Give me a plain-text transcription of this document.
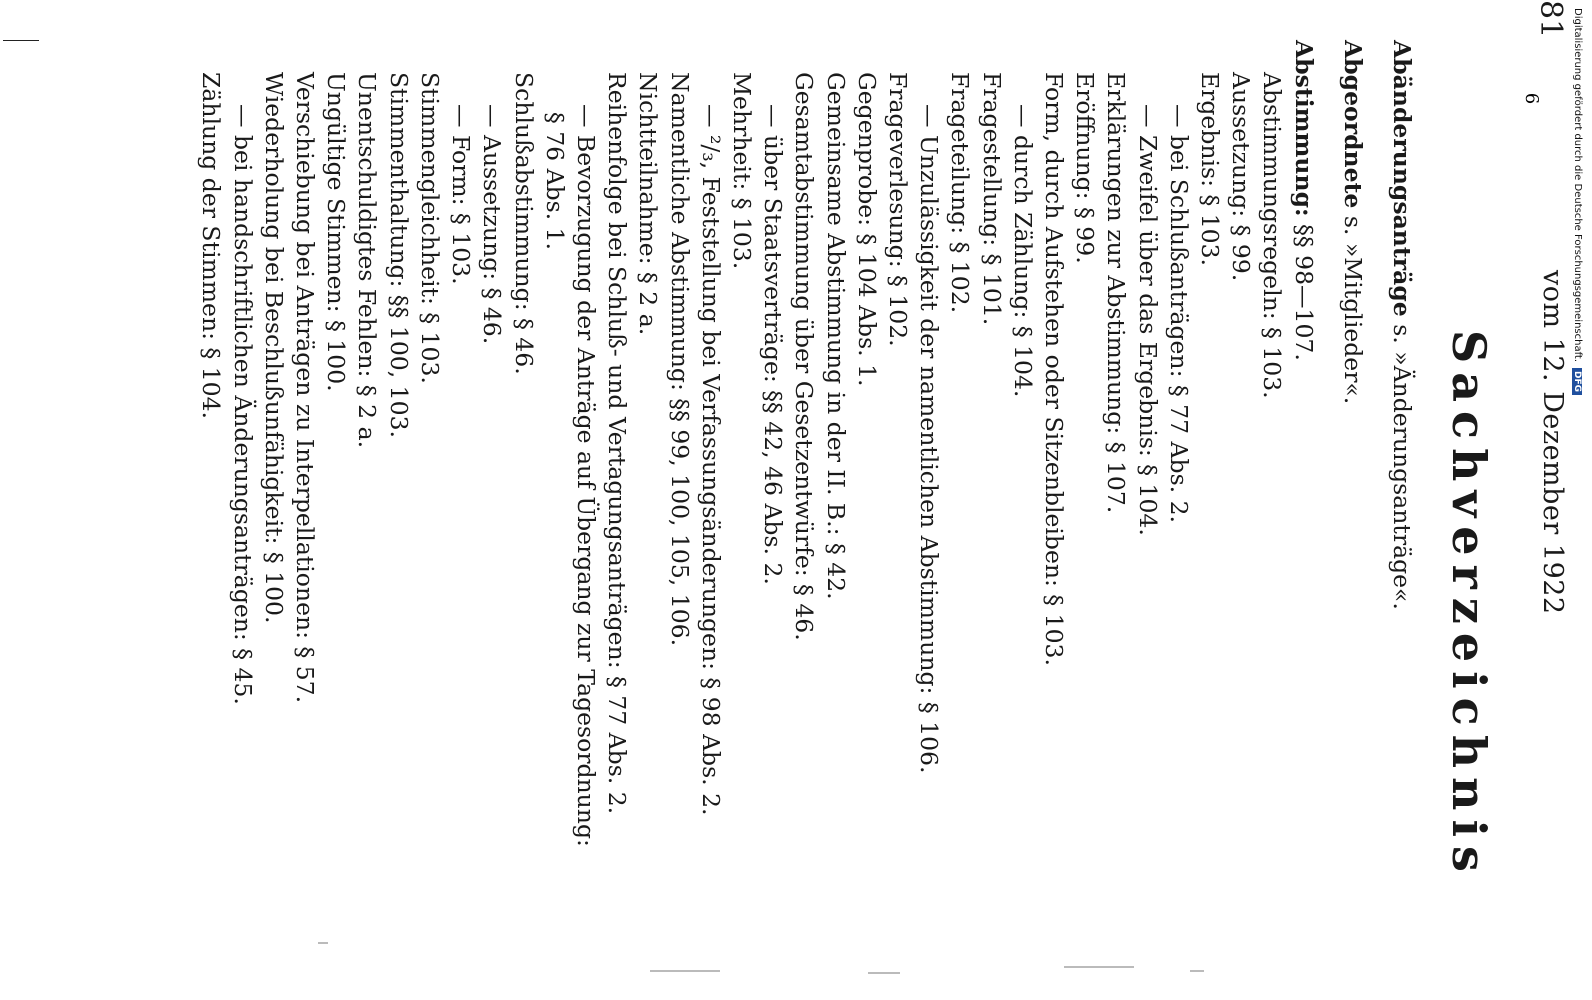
vom 12. Dezember 1922
81
Sachverzeichnis
Abänderungsanträge s. »Änderungsanträge«.
Abgeordnete s. »Mitglieder«.
Abstimmung: §§ 98—107.
Abstimmungsregeln: § 103.
Aussetzung: § 99.
Ergebnis: § 103.
— bei Schlußanträgen: § 77 Abs. 2.
— Zweifel über das Ergebnis: § 104.
Erklärungen zur Abstimmung: § 107.
Eröffnung: § 99.
Form, durch Aufstehen oder Sitzenbleiben: § 103.
— durch Zählung: § 104.
Fragestellung: § 101.
Frageteilung: § 102.
— Unzulässigkeit der namentlichen Abstimmung: § 106.
Frageverlesung: § 102.
Gegenprobe: § 104 Abs. 1.
Gemeinsame Abstimmung in der II. B.: § 42.
Gesamtabstimmung über Gesetzentwürfe: § 46.
— über Staatsverträge: §§ 42, 46 Abs. 2.
Mehrheit: § 103.
— ²/₃, Feststellung bei Verfassungsänderungen: § 98 Abs. 2.
Namentliche Abstimmung: §§ 99, 100, 105, 106.
Nichtteilnahme: § 2 a.
Reihenfolge bei Schluß- und Vertagungsanträgen: § 77 Abs. 2.
— Bevorzugung der Anträge auf Übergang zur Tagesordnung:
§ 76 Abs. 1.
Schlußabstimmung: § 46.
— Aussetzung: § 46.
— Form: § 103.
Stimmengleichheit: § 103.
Stimmenthaltung: §§ 100, 103.
Unentschuldigtes Fehlen: § 2 a.
Ungültige Stimmen: § 100.
Verschiebung bei Anträgen zu Interpellationen: § 57.
Wiederholung bei Beschlußunfähigkeit: § 100.
— bei handschriftlichen Änderungsanträgen: § 45.
Zählung der Stimmen: § 104.	Digitalisierung gefördert durch die Deutsche Forschungsgemeinschaft.DFG
6
